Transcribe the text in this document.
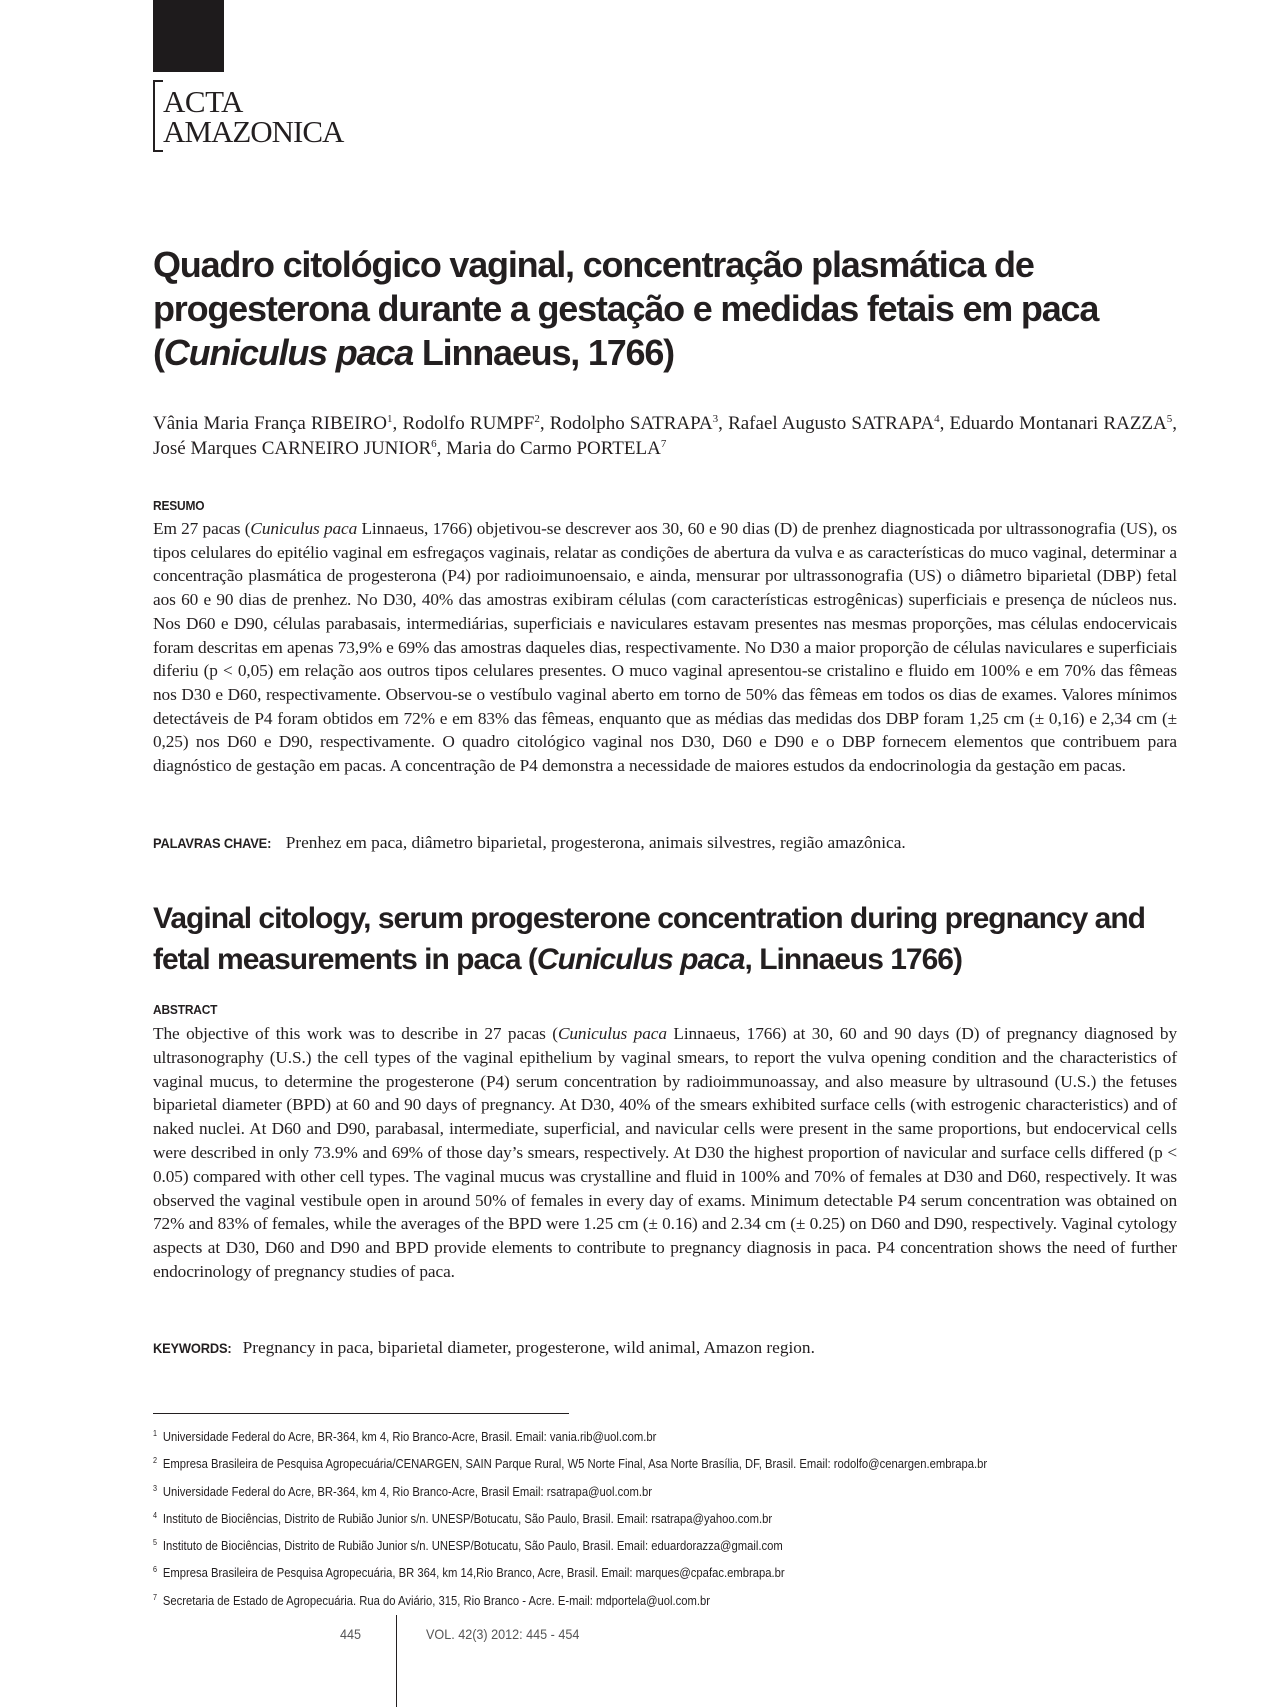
ACTA
AMAZONICA
Quadro citológico vaginal, concentração plasmática de progesterona durante a gestação e medidas fetais em paca (Cuniculus paca Linnaeus, 1766)

Vânia Maria França RIBEIRO$^1$, Rodolfo RUMPF$^2$, Rodolpho SATRAPA$^3$, Rafael Augusto SATRAPA$^4$, Eduardo Montanari RAZZA$^5$, José Marques CARNEIRO JUNIOR$^6$, Maria do Carmo PORTELA$^7$

RESUMO

Em 27 pacas (Cuniculus paca Linnaeus, 1766) objetivou-se descrever aos 30, 60 e 90 dias (D) de prenhez diagnosticada por ultrassonografia (US), os tipos celulares do epitélio vaginal em esfregaços vaginais, relatar as condições de abertura da vulva e as características do muco vaginal, determinar a concentração plasmática de progesterona (P4) por radioimunoensaio, e ainda, mensurar por ultrassonografia (US) o diâmetro biparietal (DBP) fetal aos 60 e 90 dias de prenhez. No D30, 40% das amostras exibiram células (com características estrogênicas) superficiais e presença de núcleos nus. Nos D60 e D90, células parabasais, intermediárias, superficiais e naviculares estavam presentes nas mesmas proporções, mas células endocervicais foram descritas em apenas 73,9% e 69% das amostras daqueles dias, respectivamente. No D30 a maior proporção de células naviculares e superficiais diferiu (p < 0,05) em relação aos outros tipos celulares presentes. O muco vaginal apresentou-se cristalino e fluido em 100% e em 70% das fêmeas nos D30 e D60, respectivamente. Observou-se o vestíbulo vaginal aberto em torno de 50% das fêmeas em todos os dias de exames. Valores mínimos detectáveis de P4 foram obtidos em 72% e em 83% das fêmeas, enquanto que as médias das medidas dos DBP foram 1,25 cm (± 0,16) e 2,34 cm (± 0,25) nos D60 e D90, respectivamente. O quadro citológico vaginal nos D30, D60 e D90 e o DBP fornecem elementos que contribuem para diagnóstico de gestação em pacas. A concentração de P4 demonstra a necessidade de maiores estudos da endocrinologia da gestação em pacas.

PALAVRAS CHAVE: Prenhez em paca, diâmetro biparietal, progesterona, animais silvestres, região amazônica.

Vaginal citology, serum progesterone concentration during pregnancy and fetal measurements in paca (Cuniculus paca, Linnaeus 1766)
ABSTRACT

The objective of this work was to describe in 27 pacas (Cuniculus paca Linnaeus, 1766) at 30, 60 and 90 days (D) of pregnancy diagnosed by ultrasonography (U.S.) the cell types of the vaginal epithelium by vaginal smears, to report the vulva opening condition and the characteristics of vaginal mucus, to determine the progesterone (P4) serum concentration by radioimmunoassay, and also measure by ultrasound (U.S.) the fetuses biparietal diameter (BPD) at 60 and 90 days of pregnancy. At D30, 40% of the smears exhibited surface cells (with estrogenic characteristics) and of naked nuclei. At D60 and D90, parabasal, intermediate, superficial, and navicular cells were present in the same proportions, but endocervical cells were described in only 73.9% and 69% of those day’s smears, respectively. At D30 the highest proportion of navicular and surface cells differed (p < 0.05) compared with other cell types. The vaginal mucus was crystalline and fluid in 100% and 70% of females at D30 and D60, respectively. It was observed the vaginal vestibule open in around 50% of females in every day of exams. Minimum detectable P4 serum concentration was obtained on 72% and 83% of females, while the averages of the BPD were 1.25 cm (± 0.16) and 2.34 cm (± 0.25) on D60 and D90, respectively. Vaginal cytology aspects at D30, D60 and D90 and BPD provide elements to contribute to pregnancy diagnosis in paca. P4 concentration shows the need of further endocrinology of pregnancy studies of paca.

KEYWORDS: Pregnancy in paca, biparietal diameter, progesterone, wild animal, Amazon region.

1 Universidade Federal do Acre, BR-364, km 4, Rio Branco-Acre, Brasil. Email: vania.rib@uol.com.br
2 Empresa Brasileira de Pesquisa Agropecuária/CENARGEN, SAIN Parque Rural, W5 Norte Final, Asa Norte Brasília, DF, Brasil. Email: rodolfo@cenargen.embrapa.br
3 Universidade Federal do Acre, BR-364, km 4, Rio Branco-Acre, Brasil Email: rsatrapa@uol.com.br
4 Instituto de Biociências, Distrito de Rubião Junior s/n. UNESP/Botucatu, São Paulo, Brasil. Email: rsatrapa@yahoo.com.br
5 Instituto de Biociências, Distrito de Rubião Junior s/n. UNESP/Botucatu, São Paulo, Brasil. Email: eduardorazza@gmail.com
6 Empresa Brasileira de Pesquisa Agropecuária, BR 364, km 14,Rio Branco, Acre, Brasil. Email: marques@cpafac.embrapa.br
7 Secretaria de Estado de Agropecuária. Rua do Aviário, 315, Rio Branco - Acre. E-mail: mdportela@uol.com.br
445	VOL. 42(3) 2012: 445 - 454
